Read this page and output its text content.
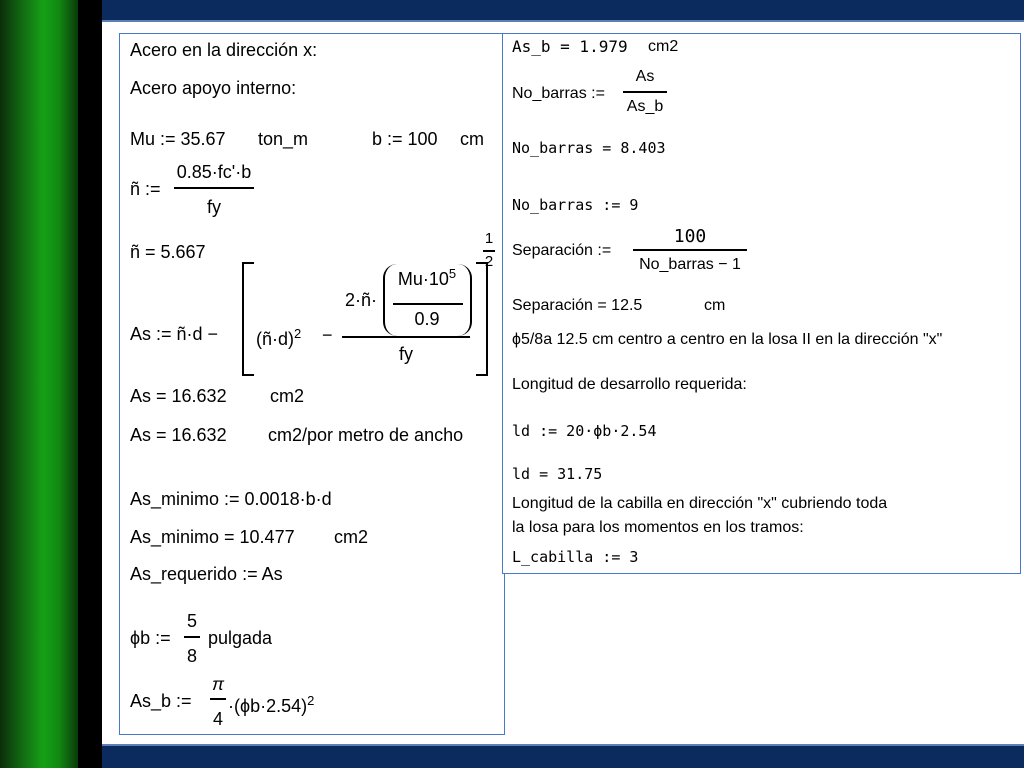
Acero en la dirección x:
Acero apoyo interno:
Mu := 35.67 ton_m	b := 100 cm
ñ :=
0.85·fc'·b
fy
ñ = 5.667
As := ñ·d − (ñ·d)$^2$ −
2·ñ·
$Mu\cdot 10^5$
0.9
fy
1
2
As = 16.632 cm2
As = 16.632 cm2/por metro de ancho
As_minimo := 0.0018·b·d
As_minimo = 10.477 cm2
As_requerido := As
ϕb :=
5
8
pulgada
As_b :=
π
4
$\cdot(\phi b\cdot 2.54)^2$
As_b = 1.979 cm2
No_barras :=
As
As_b
No_barras = 8.403
No_barras := 9
Separación :=
100
No_barras − 1
Separación = 12.5	cm
ϕ5/8a 12.5 cm centro a centro en la losa II en la dirección "x"
Longitud de desarrollo requerida:
ld := 20·ϕb·2.54
ld = 31.75
Longitud de la cabilla en dirección "x" cubriendo toda
la losa para los momentos en los tramos:
L_cabilla := 3
